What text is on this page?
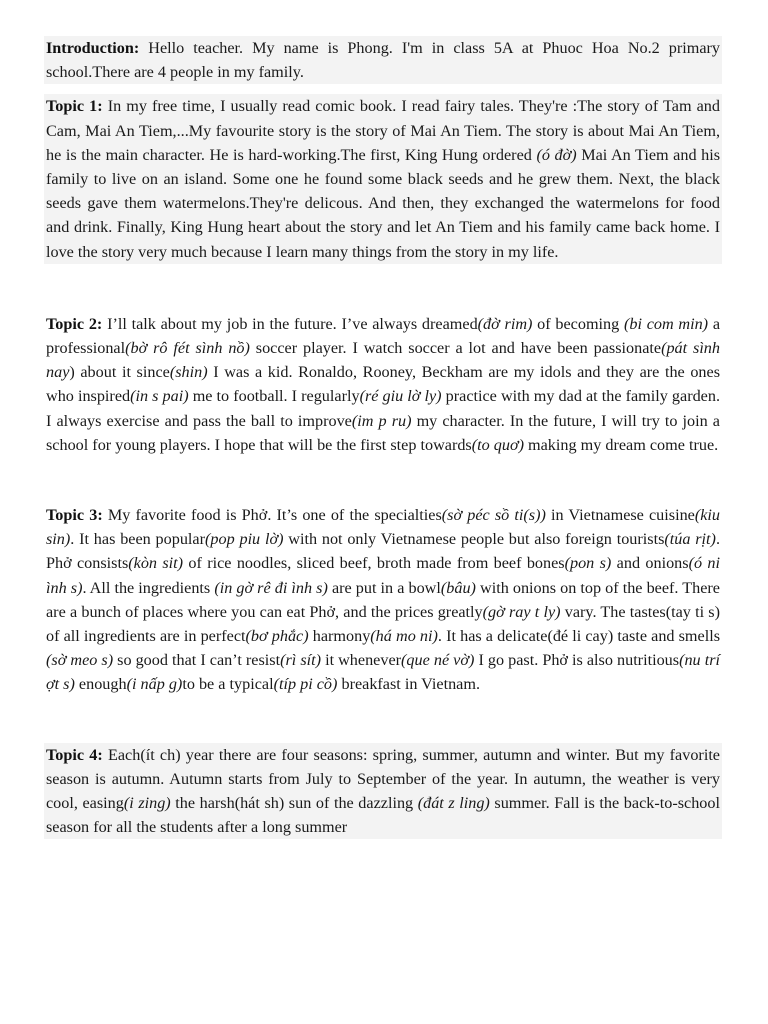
Introduction: Hello teacher. My name is Phong. I'm in class 5A at Phuoc Hoa No.2 primary school.There are 4 people in my family.

Topic 1: In my free time, I usually read comic book. I read fairy tales. They're :The story of Tam and Cam, Mai An Tiem,...My favourite story is the story of Mai An Tiem. The story is about Mai An Tiem, he is the main character. He is hard-working.The first, King Hung ordered (ó đờ) Mai An Tiem and his family to live on an island. Some one he found some black seeds and he grew them. Next, the black seeds gave them watermelons.They're delicous. And then, they exchanged the watermelons for food and drink. Finally, King Hung heart about the story and let An Tiem and his family came back home. I love the story very much because I learn many things from the story in my life.

Topic 2: I’ll talk about my job in the future. I’ve always dreamed(đờ rim) of becoming (bi com min) a professional(bờ rô fét sình nồ) soccer player. I watch soccer a lot and have been passionate(pát sình nay) about it since(shin) I was a kid. Ronaldo, Rooney, Beckham are my idols and they are the ones who inspired(in s pai) me to football. I regularly(ré giu lờ ly) practice with my dad at the family garden. I always exercise and pass the ball to improve(im p ru) my character. In the future, I will try to join a school for young players. I hope that will be the first step towards(to quơ) making my dream come true.

Topic 3: My favorite food is Phở. It’s one of the specialties(sờ péc sồ ti(s)) in Vietnamese cuisine(kiu sin). It has been popular(pop piu lờ) with not only Vietnamese people but also foreign tourists(túa rịt). Phở consists(kòn sit) of rice noodles, sliced beef, broth made from beef bones(pon s) and onions(ó ni ình s). All the ingredients (in gờ rê đi ình s) are put in a bowl(bâu) with onions on top of the beef. There are a bunch of places where you can eat Phở, and the prices greatly(gờ ray t ly) vary. The tastes(tay ti s) of all ingredients are in perfect(bơ phắc) harmony(há mo ni). It has a delicate(đé li cay) taste and smells (sờ meo s) so good that I can’t resist(rì sít) it whenever(que né vờ) I go past. Phở is also nutritious(nu trí ợt s) enough(i nấp g)to be a typical(típ pi cồ) breakfast in Vietnam.

Topic 4: Each(ít ch) year there are four seasons: spring, summer, autumn and winter. But my favorite season is autumn. Autumn starts from July to September of the year. In autumn, the weather is very cool, easing(i zing) the harsh(hát sh) sun of the dazzling (đát z ling) summer. Fall is the back-to-school season for all the students after a long summer
